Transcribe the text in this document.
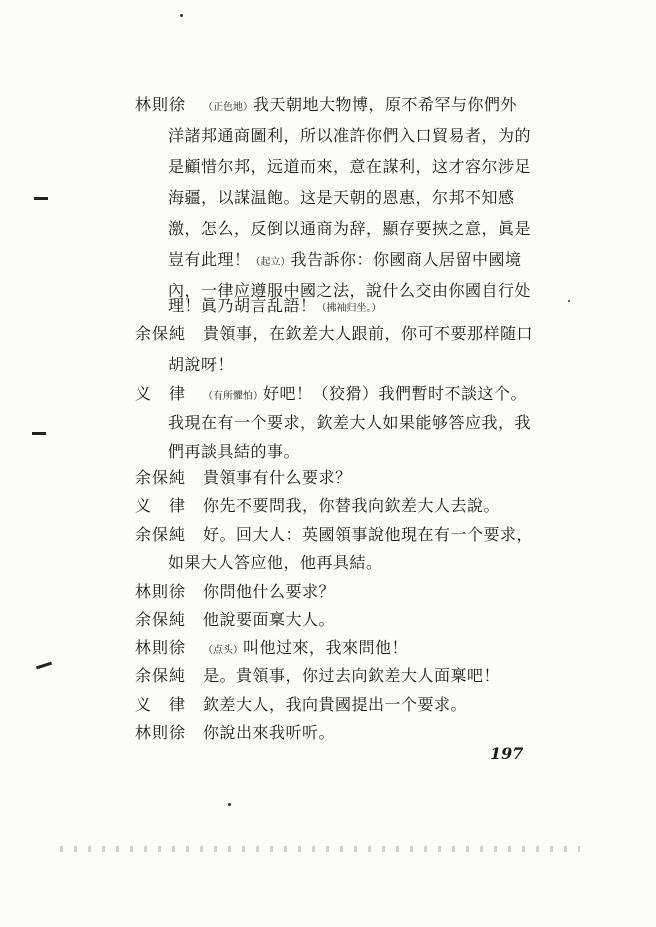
林則徐 （正色地）我天朝地大物博，原不希罕与你們外
洋諸邦通商圖利，所以准許你們入口貿易者，为的
是顧惜尔邦，远道而來，意在謀利，这才容尔涉足
海疆，以謀温飽。这是天朝的恩惠，尔邦不知感
激，怎么，反倒以通商为辞，顯存要挾之意，眞是
豈有此理！（起立）我告訴你：你國商人居留中國境
內，一律应遵服中國之法，說什么交由你國自行处
理！眞乃胡言乱語！（拂袖归坐。）
余保純 貴領事，在欽差大人跟前，你可不要那样随口
胡說呀！
义　律 （有所懼怕）好吧！（狡猾）我們暫时不談这个。
我現在有一个要求，欽差大人如果能够答应我，我
們再談具結的事。
余保純 貴領事有什么要求？
义　律 你先不要問我，你替我向欽差大人去說。
余保純 好。回大人：英國領事說他現在有一个要求，
如果大人答应他，他再具結。
林則徐 你問他什么要求？
余保純 他說要面稟大人。
林則徐 （点头）叫他过來，我來問他！
余保純 是。貴領事，你过去向欽差大人面稟吧！
义　律 欽差大人，我向貴國提出一个要求。
林則徐 你說出來我听听。
197
